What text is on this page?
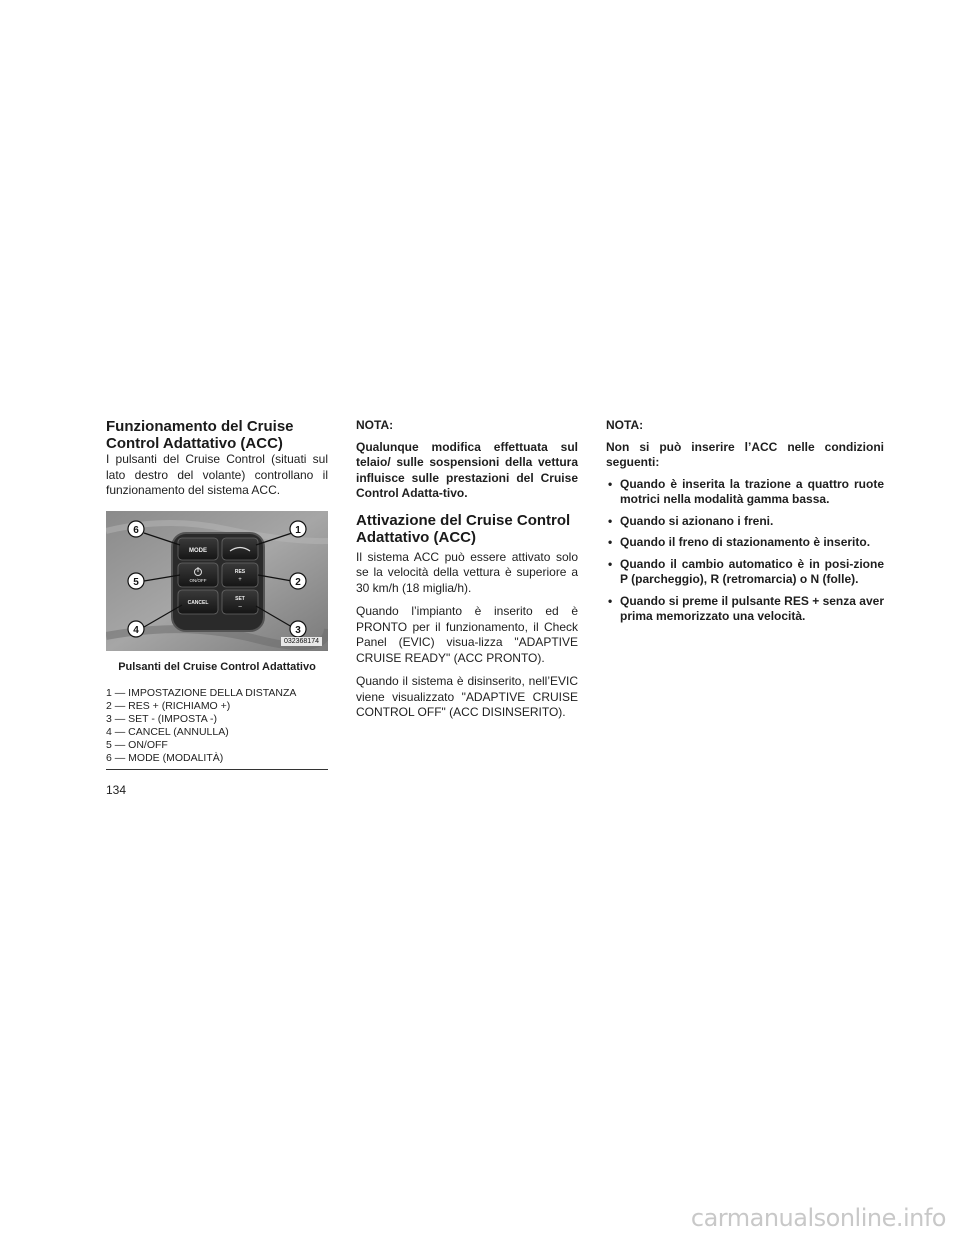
Funzionamento del Cruise Control Adattativo (ACC)

I pulsanti del Cruise Control (situati sul lato destro del volante) controllano il funzionamento del sistema ACC.

MODE
ON/OFF
RES
+
CANCEL
SET
−
6	1
5	2
4	3
032368174
Pulsanti del Cruise Control Adattativo
1 — IMPOSTAZIONE DELLA DISTANZA
2 — RES + (RICHIAMO +)
3 — SET - (IMPOSTA -)
4 — CANCEL (ANNULLA)
5 — ON/OFF
6 — MODE (MODALITÀ)

NOTA:

Qualunque modifica effettuata sul telaio/ sulle sospensioni della vettura influisce sulle prestazioni del Cruise Control Adatta-tivo.

Attivazione del Cruise Control Adattativo (ACC)

Il sistema ACC può essere attivato solo se la velocità della vettura è superiore a 30 km/h (18 miglia/h).

Quando l’impianto è inserito ed è PRONTO per il funzionamento, il Check Panel (EVIC) visua-lizza "ADAPTIVE CRUISE READY" (ACC PRONTO).

Quando il sistema è disinserito, nell’EVIC viene visualizzato "ADAPTIVE CRUISE CONTROL OFF" (ACC DISINSERITO).

NOTA:

Non si può inserire l’ACC nelle condizioni seguenti:

• Quando è inserita la trazione a quattro ruote motrici nella modalità gamma bassa.
• Quando si azionano i freni.
• Quando il freno di stazionamento è inserito.
• Quando il cambio automatico è in posi-zione P (parcheggio), R (retromarcia) o N (folle).
• Quando si preme il pulsante RES + senza aver prima memorizzato una velocità.
134
carmanualsonline.info
